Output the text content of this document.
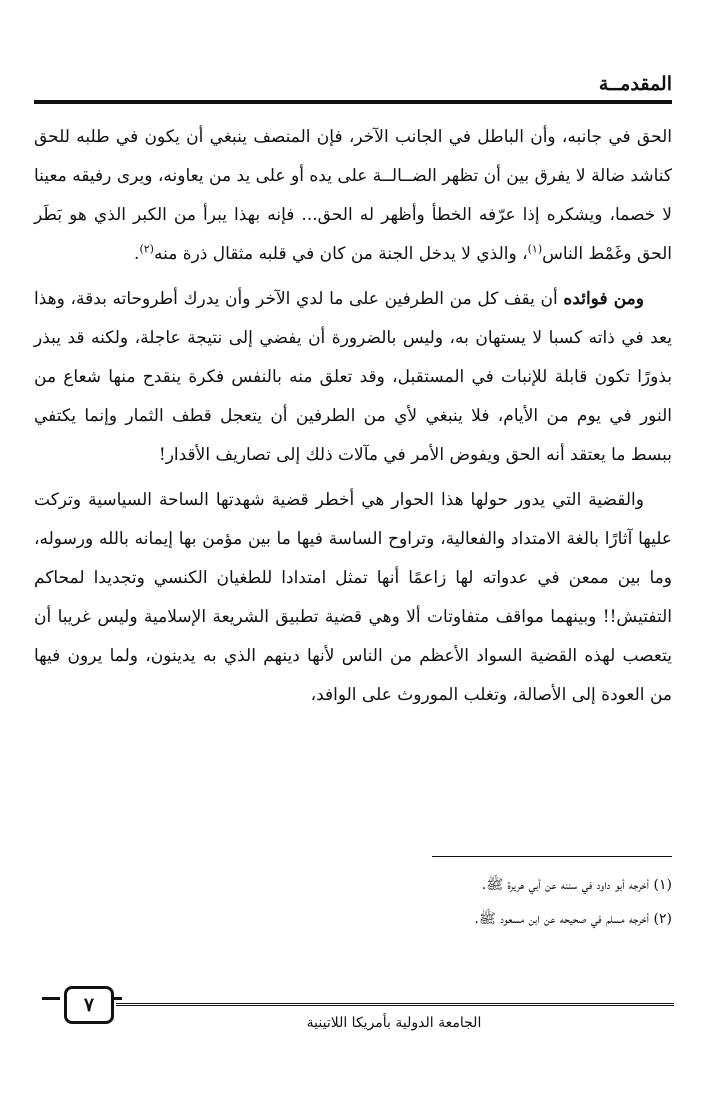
المقدمــة

الحق في جانبه، وأن الباطل في الجانب الآخر، فإن المنصف ينبغي أن يكون في طلبه للحق كناشد ضالة لا يفرق بين أن تظهر الضــالــة على يده أو على يد من يعاونه، ويرى رفيقه معينا لا خصما، ويشكره إذا عرّفه الخطأ وأظهر له الحق... فإنه بهذا يبرأ من الكبر الذي هو بَطَر الحق وغَمْط الناس$^{(١)}$، والذي لا يدخل الجنة من كان في قلبه مثقال ذرة منه$^{(٢)}$.

ومن فوائده أن يقف كل من الطرفين على ما لدي الآخر وأن يدرك أطروحاته بدقة، وهذا يعد في ذاته كسبا لا يستهان به، وليس بالضرورة أن يفضي إلى نتيجة عاجلة، ولكنه قد يبذر بذورًا تكون قابلة للإنبات في المستقبل، وقد تعلق منه بالنفس فكرة ينقدح منها شعاع من النور في يوم من الأيام، فلا ينبغي لأي من الطرفين أن يتعجل قطف الثمار وإنما يكتفي ببسط ما يعتقد أنه الحق ويفوض الأمر في مآلات ذلك إلى تصاريف الأقدار!

والقضية التي يدور حولها هذا الحوار هي أخطر قضية شهدتها الساحة السياسية وتركت عليها آثارًا بالغة الامتداد والفعالية، وتراوح الساسة فيها ما بين مؤمن بها إيمانه بالله ورسوله، وما بين ممعن في عدواته لها زاعمًا أنها تمثل امتدادا للطغيان الكنسي وتجديدا لمحاكم التفتيش!! وبينهما مواقف متفاوتات ألا وهي قضية تطبيق الشريعة الإسلامية وليس غريبا أن يتعصب لهذه القضية السواد الأعظم من الناس لأنها دينهم الذي به يدينون، ولما يرون فيها من العودة إلى الأصالة، وتغلب الموروث على الوافد،

(١) أخرجه أبو داود في سننه عن أبي هريرة ﷺ.
(٢) أخرجه مسلم في صحيحه عن ابن مسعود ﷺ.
٧
الجامعة الدولية بأمريكا اللاتينية
